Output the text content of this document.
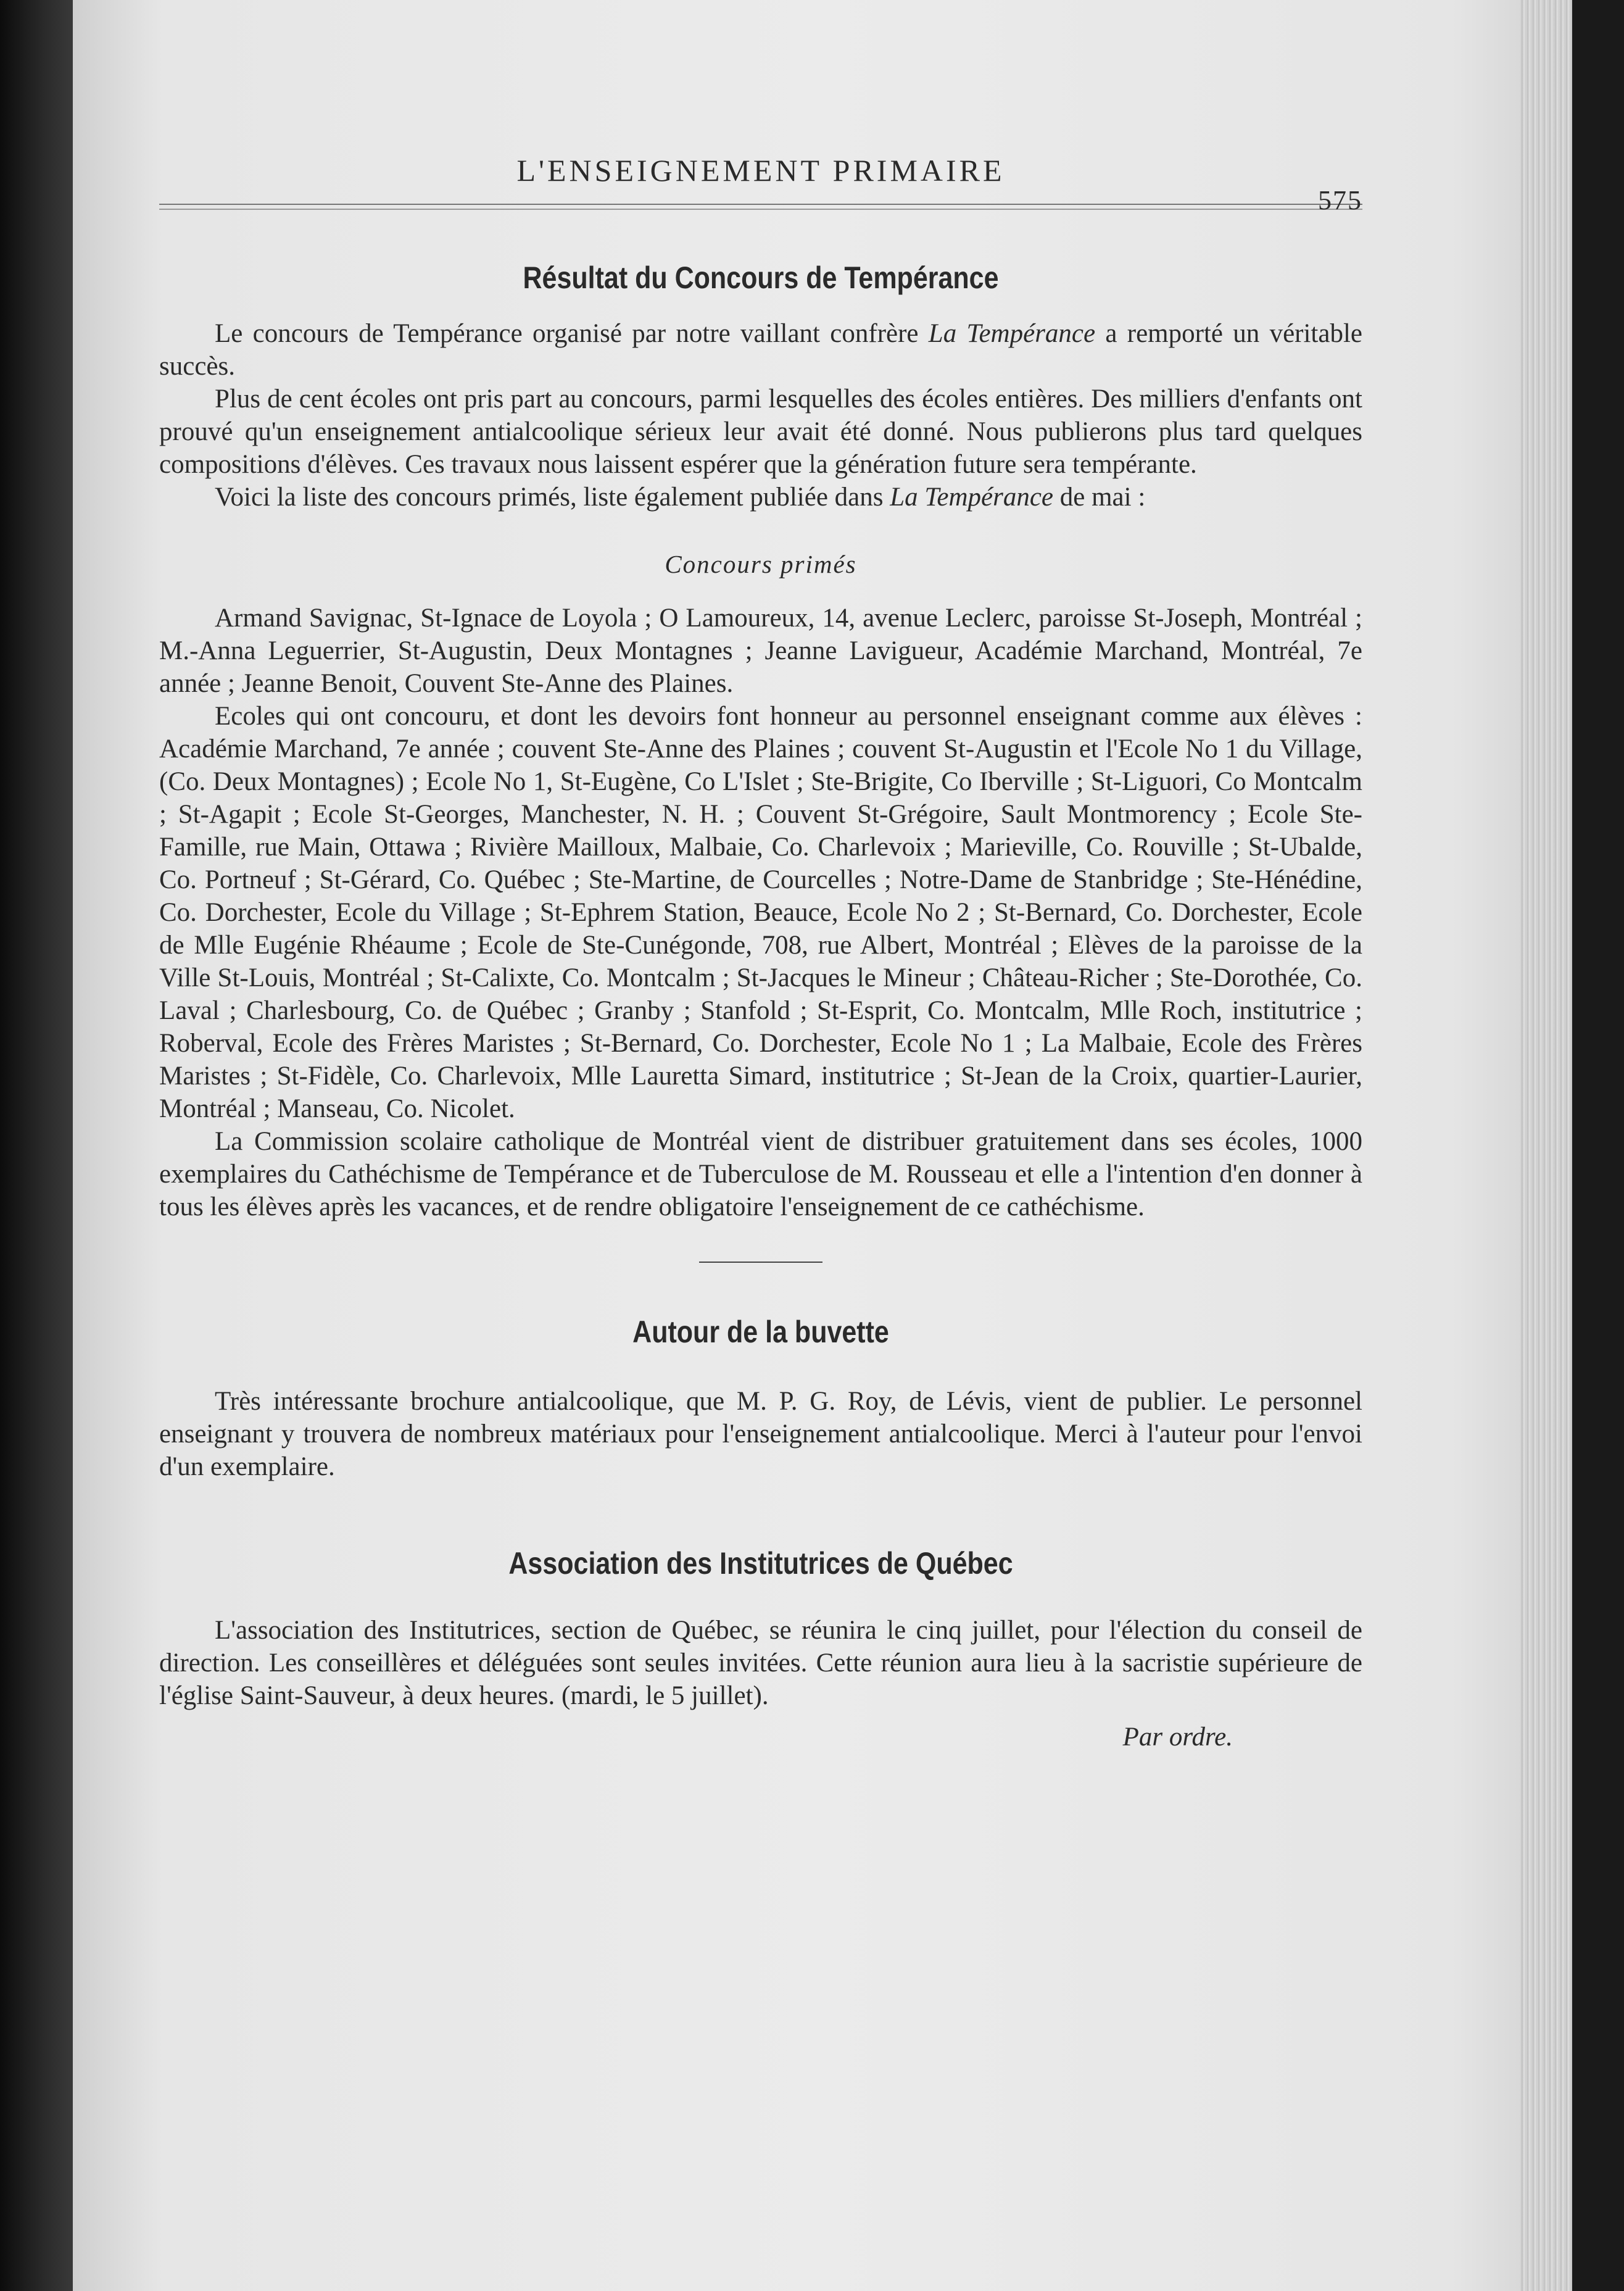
L'ENSEIGNEMENT PRIMAIRE
575
Résultat du Concours de Tempérance

Le concours de Tempérance organisé par notre vaillant confrère La Tempérance a remporté un véritable succès.

Plus de cent écoles ont pris part au concours, parmi lesquelles des écoles entières. Des milliers d'enfants ont prouvé qu'un enseignement antialcoolique sérieux leur avait été donné. Nous publierons plus tard quelques compositions d'élèves. Ces travaux nous laissent espérer que la génération future sera tempérante.

Voici la liste des concours primés, liste également publiée dans La Tempérance de mai :

Concours primés

Armand Savignac, St-Ignace de Loyola ; O Lamoureux, 14, avenue Leclerc, paroisse St-Joseph, Montréal ; M.-Anna Leguerrier, St-Augustin, Deux Montagnes ; Jeanne Lavigueur, Académie Marchand, Montréal, 7e année ; Jeanne Benoit, Couvent Ste-Anne des Plaines.

Ecoles qui ont concouru, et dont les devoirs font honneur au personnel enseignant comme aux élèves : Académie Marchand, 7e année ; couvent Ste-Anne des Plaines ; couvent St-Augustin et l'Ecole No 1 du Village, (Co. Deux Montagnes) ; Ecole No 1, St-Eugène, Co L'Islet ; Ste-Brigite, Co Iberville ; St-Liguori, Co Montcalm ; St-Agapit ; Ecole St-Georges, Manchester, N. H. ; Couvent St-Grégoire, Sault Montmorency ; Ecole Ste-Famille, rue Main, Ottawa ; Rivière Mailloux, Malbaie, Co. Charlevoix ; Marieville, Co. Rouville ; St-Ubalde, Co. Portneuf ; St-Gérard, Co. Québec ; Ste-Martine, de Courcelles ; Notre-Dame de Stanbridge ; Ste-Hénédine, Co. Dorchester, Ecole du Village ; St-Ephrem Station, Beauce, Ecole No 2 ; St-Bernard, Co. Dorchester, Ecole de Mlle Eugénie Rhéaume ; Ecole de Ste-Cunégonde, 708, rue Albert, Montréal ; Elèves de la paroisse de la Ville St-Louis, Montréal ; St-Calixte, Co. Montcalm ; St-Jacques le Mineur ; Château-Richer ; Ste-Dorothée, Co. Laval ; Charlesbourg, Co. de Québec ; Granby ; Stanfold ; St-Esprit, Co. Montcalm, Mlle Roch, institutrice ; Roberval, Ecole des Frères Maristes ; St-Bernard, Co. Dorchester, Ecole No 1 ; La Malbaie, Ecole des Frères Maristes ; St-Fidèle, Co. Charlevoix, Mlle Lauretta Simard, institutrice ; St-Jean de la Croix, quartier-Laurier, Montréal ; Manseau, Co. Nicolet.

La Commission scolaire catholique de Montréal vient de distribuer gratuitement dans ses écoles, 1000 exemplaires du Cathéchisme de Tempérance et de Tuberculose de M. Rousseau et elle a l'intention d'en donner à tous les élèves après les vacances, et de rendre obligatoire l'enseignement de ce cathéchisme.

Autour de la buvette

Très intéressante brochure antialcoolique, que M. P. G. Roy, de Lévis, vient de publier. Le personnel enseignant y trouvera de nombreux matériaux pour l'enseignement antialcoolique. Merci à l'auteur pour l'envoi d'un exemplaire.

Association des Institutrices de Québec

L'association des Institutrices, section de Québec, se réunira le cinq juillet, pour l'élection du conseil de direction. Les conseillères et déléguées sont seules invitées. Cette réunion aura lieu à la sacristie supérieure de l'église Saint-Sauveur, à deux heures. (mardi, le 5 juillet).

Par ordre.
